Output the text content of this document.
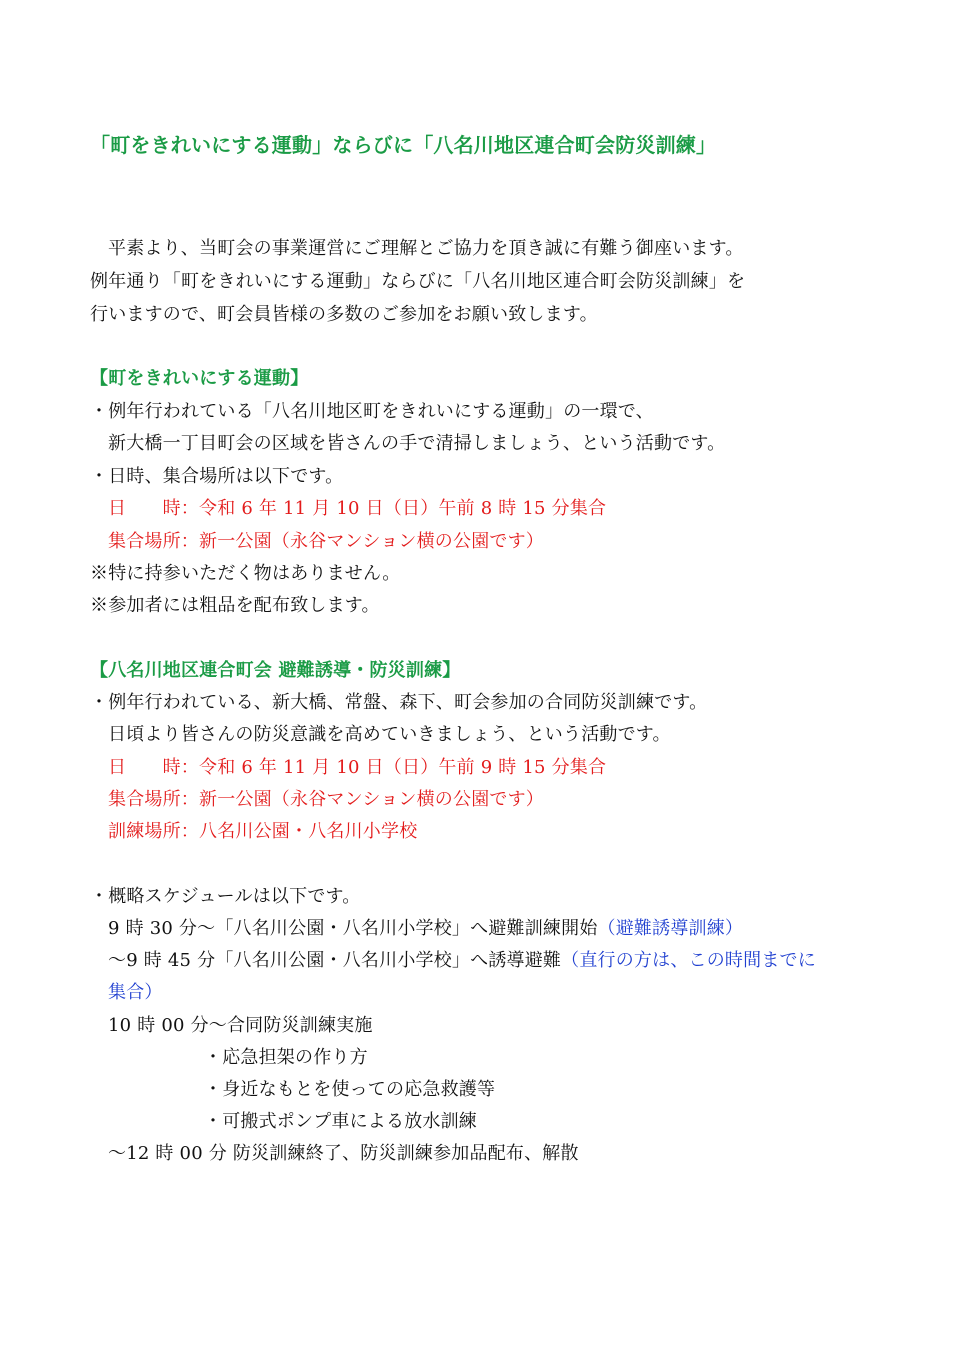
「町をきれいにする運動」ならびに「八名川地区連合町会防災訓練」
平素より、当町会の事業運営にご理解とご協力を頂き誠に有難う御座います。
例年通り「町をきれいにする運動」ならびに「八名川地区連合町会防災訓練」を
行いますので、町会員皆様の多数のご参加をお願い致します。
【町をきれいにする運動】
・例年行われている「八名川地区町をきれいにする運動」の一環で、
新大橋一丁目町会の区域を皆さんの手で清掃しましょう、という活動です。
・日時、集合場所は以下です。
日　　時：令和 6 年 11 月 10 日（日）午前 8 時 15 分集合
集合場所：新一公園（永谷マンション横の公園です）
※特に持参いただく物はありません。
※参加者には粗品を配布致します。
【八名川地区連合町会 避難誘導・防災訓練】
・例年行われている、新大橋、常盤、森下、町会参加の合同防災訓練です。
日頃より皆さんの防災意識を高めていきましょう、という活動です。
日　　時：令和 6 年 11 月 10 日（日）午前 9 時 15 分集合
集合場所：新一公園（永谷マンション横の公園です）
訓練場所：八名川公園・八名川小学校
・概略スケジュールは以下です。
9 時 30 分～「八名川公園・八名川小学校」へ避難訓練開始（避難誘導訓練）
～9 時 45 分「八名川公園・八名川小学校」へ誘導避難（直行の方は、この時間までに
集合）
10 時 00 分～合同防災訓練実施
・応急担架の作り方
・身近なもとを使っての応急救護等
・可搬式ポンプ車による放水訓練
～12 時 00 分 防災訓練終了、防災訓練参加品配布、解散
